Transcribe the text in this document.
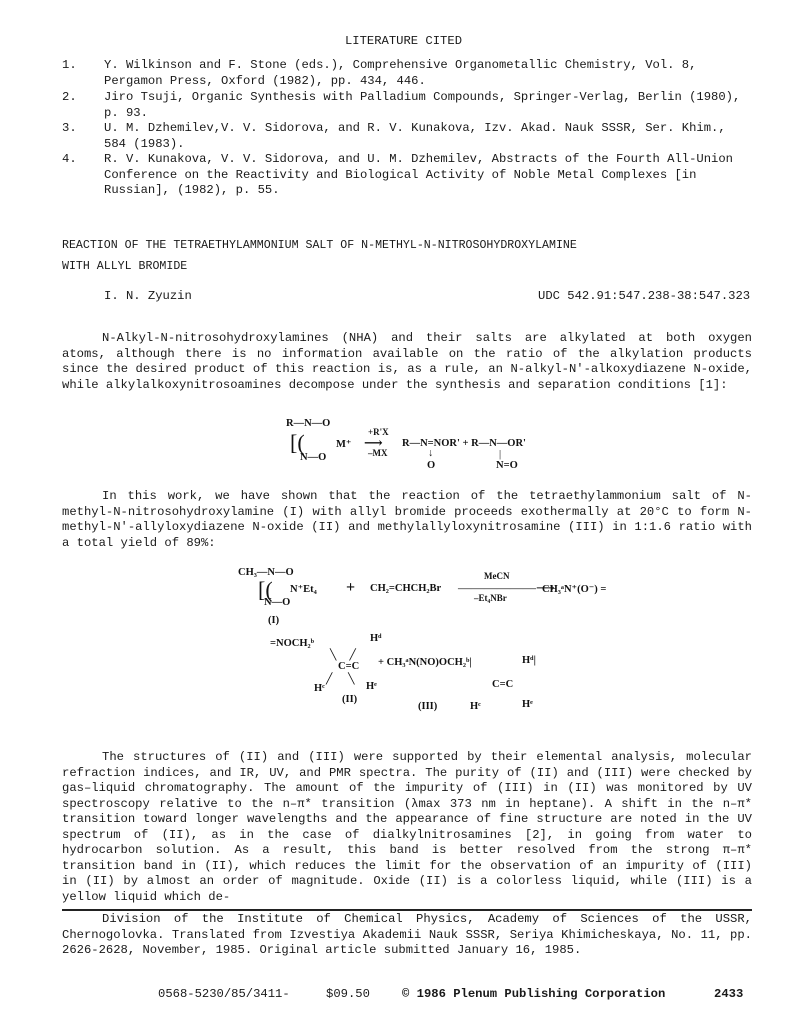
LITERATURE CITED
1.	Y. Wilkinson and F. Stone (eds.), Comprehensive Organometallic Chemistry, Vol. 8, Pergamon Press, Oxford (1982), pp. 434, 446.
2.	Jiro Tsuji, Organic Synthesis with Palladium Compounds, Springer-Verlag, Berlin (1980), p. 93.
3.	U. M. Dzhemilev,V. V. Sidorova, and R. V. Kunakova, Izv. Akad. Nauk SSSR, Ser. Khim., 584 (1983).
4.	R. V. Kunakova, V. V. Sidorova, and U. M. Dzhemilev, Abstracts of the Fourth All-Union Conference on the Reactivity and Biological Activity of Noble Metal Complexes [in Russian], (1982), p. 55.
REACTION OF THE TETRAETHYLAMMONIUM SALT OF N-METHYL-N-NITROSOHYDROXYLAMINE
WITH ALLYL BROMIDE
I. N. Zyuzin	UDC 542.91:547.238-38:547.323
N-Alkyl-N-nitrosohydroxylamines (NHA) and their salts are alkylated at both oxygen atoms, although there is no information available on the ratio of the alkylation products since the desired product of this reaction is, as a rule, an N-alkyl-N'-alkoxydiazene N-oxide, while alkylalkoxynitrosoamines decompose under the synthesis and separation conditions [1]:
R—N—O
[(
N—O
M⁺
+R'X
⟶
–MX
R—N=NOR' + R—N—OR'
↓
O	N=O
|
In this work, we have shown that the reaction of the tetraethylammonium salt of N-methyl-N-nitrosohydroxylamine (I) with allyl bromide proceeds exothermally at 20°C to form N-methyl-N'-allyloxydiazene N-oxide (II) and methylallyloxynitrosamine (III) in 1:1.6 ratio with a total yield of 89%:
CH₃—N—O
[(
N—O
N⁺Et₄ + CH₂=CHCH₂Br
MeCN
——————⟶
–Et₄NBr
CH₃ᵃN⁺(O⁻) =
(I)
=NOCH₂ᵇ	Hᵈ
╲     ╱
C=C + CH₃ᵃN(NO)OCH₂ᵇ|	Hᵈ|
╱      ╲
Hᶜ	Hᵉ	C=C
(II)
(III)	Hᶜ	Hᵉ
The structures of (II) and (III) were supported by their elemental analysis, molecular refraction indices, and IR, UV, and PMR spectra. The purity of (II) and (III) were checked by gas–liquid chromatography. The amount of the impurity of (III) in (II) was monitored by UV spectroscopy relative to the n–π* transition (λmax 373 nm in heptane). A shift in the n–π* transition toward longer wavelengths and the appearance of fine structure are noted in the UV spectrum of (II), as in the case of dialkylnitrosamines [2], in going from water to hydrocarbon solution. As a result, this band is better resolved from the strong π–π* transition band in (II), which reduces the limit for the observation of an impurity of (III) in (II) by almost an order of magnitude. Oxide (II) is a colorless liquid, while (III) is a yellow liquid which de-
Division of the Institute of Chemical Physics, Academy of Sciences of the USSR, Chernogolovka. Translated from Izvestiya Akademii Nauk SSSR, Seriya Khimicheskaya, No. 11, pp. 2626-2628, November, 1985. Original article submitted January 16, 1985.
0568-5230/85/3411-	$09.50	© 1986 Plenum Publishing Corporation	2433
